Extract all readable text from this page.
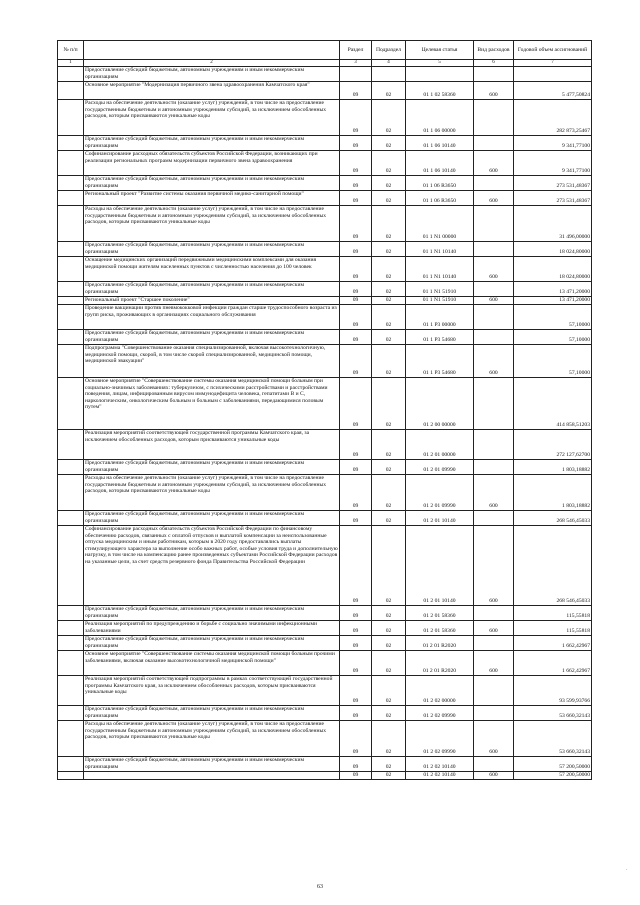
№ п/п		Раздел	Подраздел	Целевая статья	Вид расходов	Годовой объем ассигнований
1	2	3	4	5	6	7
	Предоставление субсидий бюджетным, автономным учреждениям и иным некоммерческим организациям					
	Основное мероприятие "Модернизация первичного звена здравоохранения Камчатского края"	09	02	01 1 02 58360	600	5 477,50824
	Расходы на обеспечение деятельности (оказание услуг) учреждений, в том числе на предоставление государственным бюджетным и автономным учреждениям субсидий, за исключением обособленных расходов, которым присваиваются уникальные коды	09	02	01 1 06 00000		282 873,25467
	Предоставление субсидий бюджетным, автономным учреждениям и иным некоммерческим организациям	09	02	01 1 06 10140		9 341,77100
	Софинансирование расходных обязательств субъектов Российской Федерации, возникающих при реализации региональных программ модернизации первичного звена здравоохранения	09	02	01 1 06 10140	600	9 341,77100
	Предоставление субсидий бюджетным, автономным учреждениям и иным некоммерческим организациям	09	02	01 1 06 R3650		273 531,48367
	Региональный проект "Развитие системы оказания первичной медико-санитарной помощи"	09	02	01 1 06 R3650	600	273 531,48367
	Расходы на обеспечение деятельности (оказание услуг) учреждений, в том числе на предоставление государственным бюджетным и автономным учреждениям субсидий, за исключением обособленных расходов, которым присваиваются уникальные коды	09	02	01 1 N1 00000		31 496,00000
	Предоставление субсидий бюджетным, автономным учреждениям и иным некоммерческим организациям	09	02	01 1 N1 10140		18 024,80000
	Оснащение медицинских организаций передвижными медицинскими комплексами для оказания медицинской помощи жителям населенных пунктов с численностью населения до 100 человек	09	02	01 1 N1 10140	600	18 024,80000
	Предоставление субсидий бюджетным, автономным учреждениям и иным некоммерческим организациям	09	02	01 1 N1 51910		13 471,20000
	Региональный проект "Старшее поколение"	09	02	01 1 N1 51910	600	13 471,20000
	Проведение вакцинации против пневмококковой инфекции граждан старше трудоспособного возраста из групп риска, проживающих в организациях социального обслуживания	09	02	01 1 P3 00000		57,10000
	Предоставление субсидий бюджетным, автономным учреждениям и иным некоммерческим организациям	09	02	01 1 P3 54680		57,10000
	Подпрограмма "Совершенствование оказания специализированной, включая высокотехнологичную, медицинской помощи, скорой, в том числе скорой специализированной, медицинской помощи, медицинской эвакуации"	09	02	01 1 P3 54680	600	57,10000
	Основное мероприятие "Совершенствование системы оказания медицинской помощи больным при социально-значимых заболеваниях: туберкулезом, с психическими расстройствами и расстройствами поведения, лицам, инфицированным вирусом иммунодефицита человека, гепатитами B и C, наркологическим, онкологическим больным и больным с заболеваниями, передающимися половым путем"	09	02	01 2 00 00000		414 858,51203
	Реализация мероприятий соответствующей государственной программы Камчатского края, за исключением обособленных расходов, которым присваиваются уникальные коды	09	02	01 2 01 00000		272 127,62700
	Предоставление субсидий бюджетным, автономным учреждениям и иным некоммерческим организациям	09	02	01 2 01 09990		1 803,18882
	Расходы на обеспечение деятельности (оказание услуг) учреждений, в том числе на предоставление государственным бюджетным и автономным учреждениям субсидий, за исключением обособленных расходов, которым присваиваются уникальные коды	09	02	01 2 01 09990	600	1 803,18882
	Предоставление субсидий бюджетным, автономным учреждениям и иным некоммерческим организациям	09	02	01 2 01 10140		268 546,45033
	Софинансирование расходных обязательств субъектов Российской Федерации по финансовому обеспечению расходов, связанных с оплатой отпусков и выплатой компенсации за неиспользованные отпуска медицинским и иным работникам, которым в 2020 году предоставлялись выплаты стимулирующего характера за выполнение особо важных работ, особые условия труда и дополнительную нагрузку, в том числе на компенсацию ранее произведенных субъектами Российской Федерации расходов на указанные цели, за счет средств резервного фонда Правительства Российской Федерации	09	02	01 2 01 10140	600	268 546,45033
	Предоставление субсидий бюджетным, автономным учреждениям и иным некоммерческим организациям	09	02	01 2 01 58360		115,55818
	Реализация мероприятий по предупреждению и борьбе с социально значимыми инфекционными заболеваниями	09	02	01 2 01 58360	600	115,55818
	Предоставление субсидий бюджетным, автономным учреждениям и иным некоммерческим организациям	09	02	01 2 01 R2020		1 662,42967
	Основное мероприятие "Совершенствование системы оказания медицинской помощи больным прочими заболеваниями, включая оказание высокотехнологичной медицинской помощи"	09	02	01 2 01 R2020	600	1 662,42967
	Реализация мероприятий соответствующей подпрограммы в рамках соответствующей государственной программы Камчатского края, за исключением обособленных расходов, которым присваиваются уникальные коды	09	02	01 2 02 00000		93 599,93766
	Предоставление субсидий бюджетным, автономным учреждениям и иным некоммерческим организациям	09	02	01 2 02 09990		53 660,32143
	Расходы на обеспечение деятельности (оказание услуг) учреждений, в том числе на предоставление государственным бюджетным и автономным учреждениям субсидий, за исключением обособленных расходов, которым присваиваются уникальные коды	09	02	01 2 02 09990	600	53 660,32143
	Предоставление субсидий бюджетным, автономным учреждениям и иным некоммерческим организациям	09	02	01 2 02 10140		57 200,50000
		09	02	01 2 02 10140	600	57 200,50000
63
·
